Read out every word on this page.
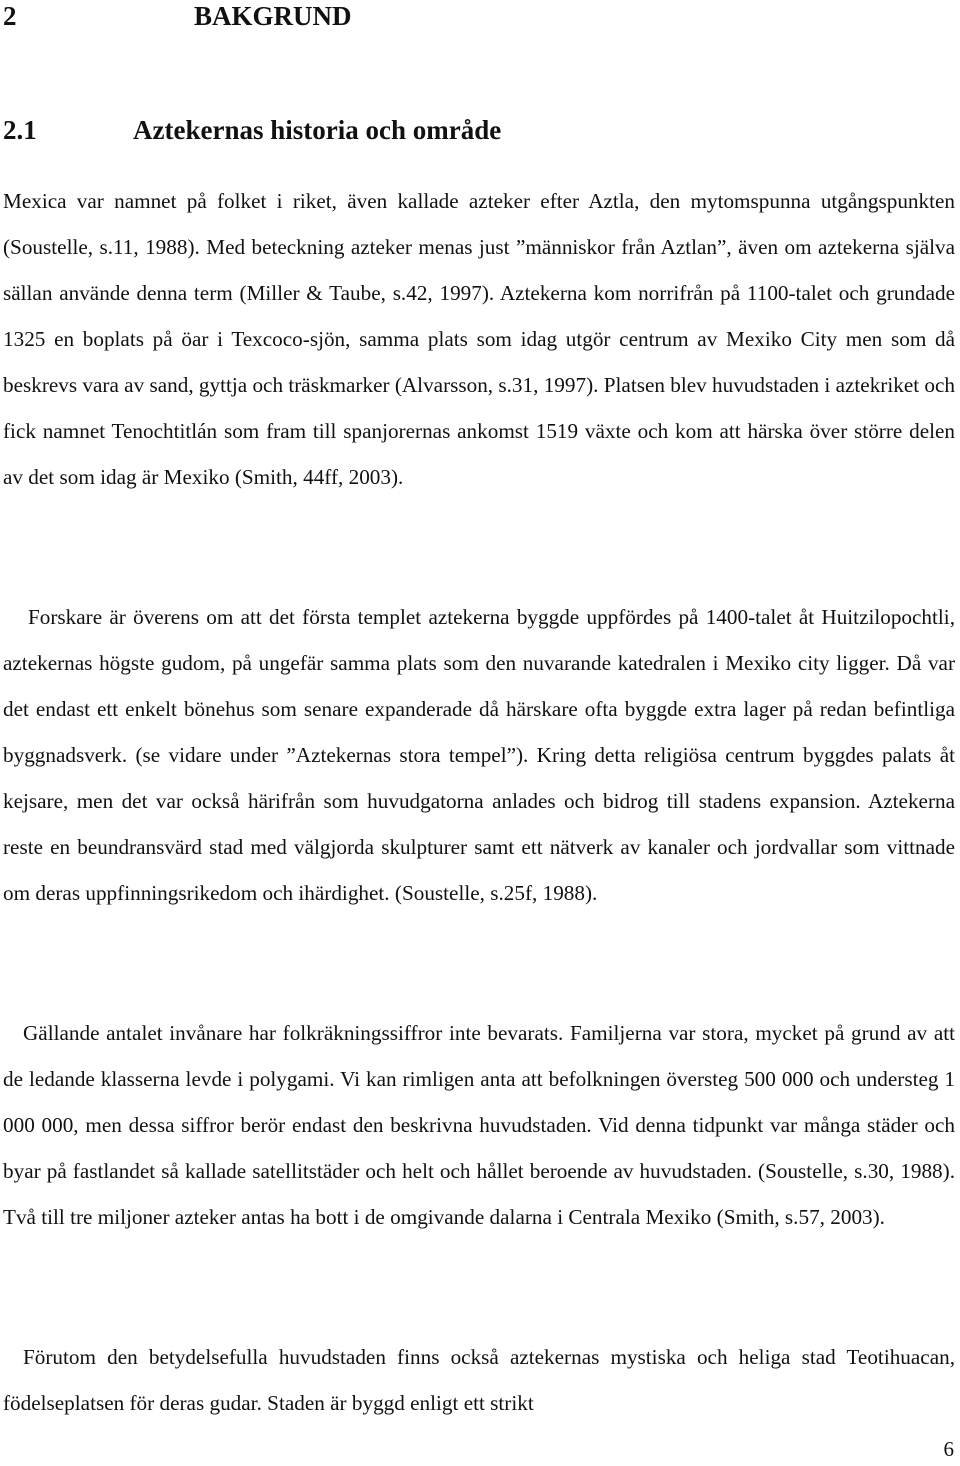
2	BAKGRUND
2.1	Aztekernas historia och område

Mexica var namnet på folket i riket, även kallade azteker efter Aztla, den mytomspunna utgångspunkten (Soustelle, s.11, 1988). Med beteckning azteker menas just ”människor från Aztlan”, även om aztekerna själva sällan använde denna term (Miller & Taube, s.42, 1997). Aztekerna kom norrifrån på 1100-talet och grundade 1325 en boplats på öar i Texcoco-sjön, samma plats som idag utgör centrum av Mexiko City men som då beskrevs vara av sand, gyttja och träskmarker (Alvarsson, s.31, 1997). Platsen blev huvudstaden i aztekriket och fick namnet Tenochtitlán som fram till spanjorernas ankomst 1519 växte och kom att härska över större delen av det som idag är Mexiko (Smith, 44ff, 2003).

Forskare är överens om att det första templet aztekerna byggde uppfördes på 1400-talet åt Huitzilopochtli, aztekernas högste gudom, på ungefär samma plats som den nuvarande katedralen i Mexiko city ligger. Då var det endast ett enkelt bönehus som senare expanderade då härskare ofta byggde extra lager på redan befintliga byggnadsverk. (se vidare under ”Aztekernas stora tempel”). Kring detta religiösa centrum byggdes palats åt kejsare, men det var också härifrån som huvudgatorna anlades och bidrog till stadens expansion. Aztekerna reste en beundransvärd stad med välgjorda skulpturer samt ett nätverk av kanaler och jordvallar som vittnade om deras uppfinningsrikedom och ihärdighet. (Soustelle, s.25f, 1988).

Gällande antalet invånare har folkräkningssiffror inte bevarats. Familjerna var stora, mycket på grund av att de ledande klasserna levde i polygami. Vi kan rimligen anta att befolkningen översteg 500 000 och understeg 1 000 000, men dessa siffror berör endast den beskrivna huvudstaden. Vid denna tidpunkt var många städer och byar på fastlandet så kallade satellitstäder och helt och hållet beroende av huvudstaden. (Soustelle, s.30, 1988). Två till tre miljoner azteker antas ha bott i de omgivande dalarna i Centrala Mexiko (Smith, s.57, 2003).

Förutom den betydelsefulla huvudstaden finns också aztekernas mystiska och heliga stad Teotihuacan, födelseplatsen för deras gudar. Staden är byggd enligt ett strikt

6
